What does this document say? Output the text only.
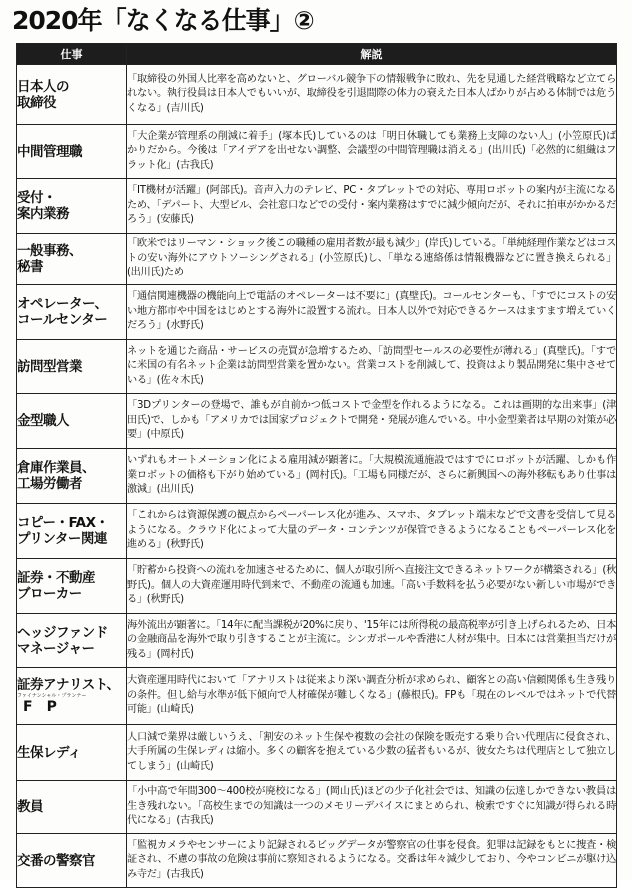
2020年「なくなる仕事」②
仕事	解説

日本人の
取締役	「取締役の外国人比率を高めないと、グローバル競争下の情報戦争に敗れ、先を見通した経営戦略など立てられない。執行役員は日本人でもいいが、取締役を引退間際の体力の衰えた日本人ばかりが占める体制では危うくなる」(吉川氏)

中間管理職	「大企業が管理系の削減に着手」(塚本氏)しているのは「明日休職しても業務上支障のない人」(小笠原氏)ばかりだから。今後は「アイデアを出せない調整、会議型の中間管理職は消える」(出川氏)「必然的に組織はフラット化」(古我氏)

受付・
案内業務	「IT機材が活躍」(阿部氏)。音声入力のテレビ、PC・タブレットでの対応、専用ロボットの案内が主流になるため、「デパート、大型ビル、会社窓口などでの受付・案内業務はすでに減少傾向だが、それに拍車がかかるだろう」(安藤氏)

一般事務、
秘書	「欧米ではリーマン・ショック後この職種の雇用者数が最も減少」(岸氏)している。「単純経理作業などはコストの安い海外にアウトソーシングされる」(小笠原氏)し、「単なる連絡係は情報機器などに置き換えられる」(出川氏)ため

オペレーター、
コールセンター	「通信関連機器の機能向上で電話のオペレーターは不要に」(真壁氏)。コールセンターも、「すでにコストの安い地方都市や中国をはじめとする海外に設置する流れ。日本人以外で対応できるケースはますます増えていくだろう」(水野氏)

訪問型営業	ネットを通じた商品・サービスの売買が急増するため、「訪問型セールスの必要性が薄れる」(真壁氏)。「すでに米国の有名ネット企業は訪問型営業を置かない。営業コストを削減して、投資はより製品開発に集中させている」(佐々木氏)

金型職人	「3Dプリンターの登場で、誰もが自前かつ低コストで金型を作れるようになる。これは画期的な出来事」(津田氏)で、しかも「アメリカでは国家プロジェクトで開発・発展が進んでいる。中小金型業者は早期の対策が必要」(中原氏)

倉庫作業員、
工場労働者	いずれもオートメーション化による雇用減が顕著に。「大規模流通施設ではすでにロボットが活躍、しかも作業ロボットの価格も下がり始めている」(岡村氏)。「工場も同様だが、さらに新興国への海外移転もあり仕事は激減」(出川氏)

コピー・FAX・
プリンター関連	「これからは資源保護の観点からペーパーレス化が進み、スマホ、タブレット端末などで文書を受信して見るようになる。クラウド化によって大量のデータ・コンテンツが保管できるようになることもペーパーレス化を進める」(秋野氏)

証券・不動産
ブローカー	「貯蓄から投資への流れを加速させるために、個人が取引所へ直接注文できるネットワークが構築される」(秋野氏)。個人の大資産運用時代到来で、不動産の流通も加速。「高い手数料を払う必要がない新しい市場ができる」(秋野氏)

ヘッジファンド
マネージャー	海外流出が顕著に。「14年に配当課税が20%に戻り、'15年には所得税の最高税率が引き上げられるため、日本の金融商品を海外で取り引きすることが主流に。シンガポールや香港に人材が集中。日本には営業担当だけが残る」(岡村氏)

証券アナリスト、
ファイナンシャル・プランナー
FP	大資産運用時代において「アナリストは従来より深い調査分析が求められ、顧客との高い信頼関係も生き残りの条件。但し給与水準が低下傾向で人材確保が難しくなる」(藤根氏)。FPも「現在のレベルではネットで代替可能」(山崎氏)

生保レディ	人口減で業界は厳しいうえ、「割安のネット生保や複数の会社の保険を販売する乗り合い代理店に侵食され、大手所属の生保レディは縮小。多くの顧客を抱えている少数の猛者もいるが、彼女たちは代理店として独立してしまう」(山崎氏)

教員	「小中高で年間300～400校が廃校になる」(岡山氏)ほどの少子化社会では、知識の伝達しかできない教員は生き残れない。「高校生までの知識は一つのメモリーデバイスにまとめられ、検索ですぐに知識が得られる時代になる」(古我氏)

交番の警察官	「監視カメラやセンサーにより記録されるビッグデータが警察官の仕事を侵食。犯罪は記録をもとに捜査・検証され、不慮の事故の危険は事前に察知されるようになる。交番は年々減少しており、今やコンビニが駆け込み寺だ」(古我氏)
